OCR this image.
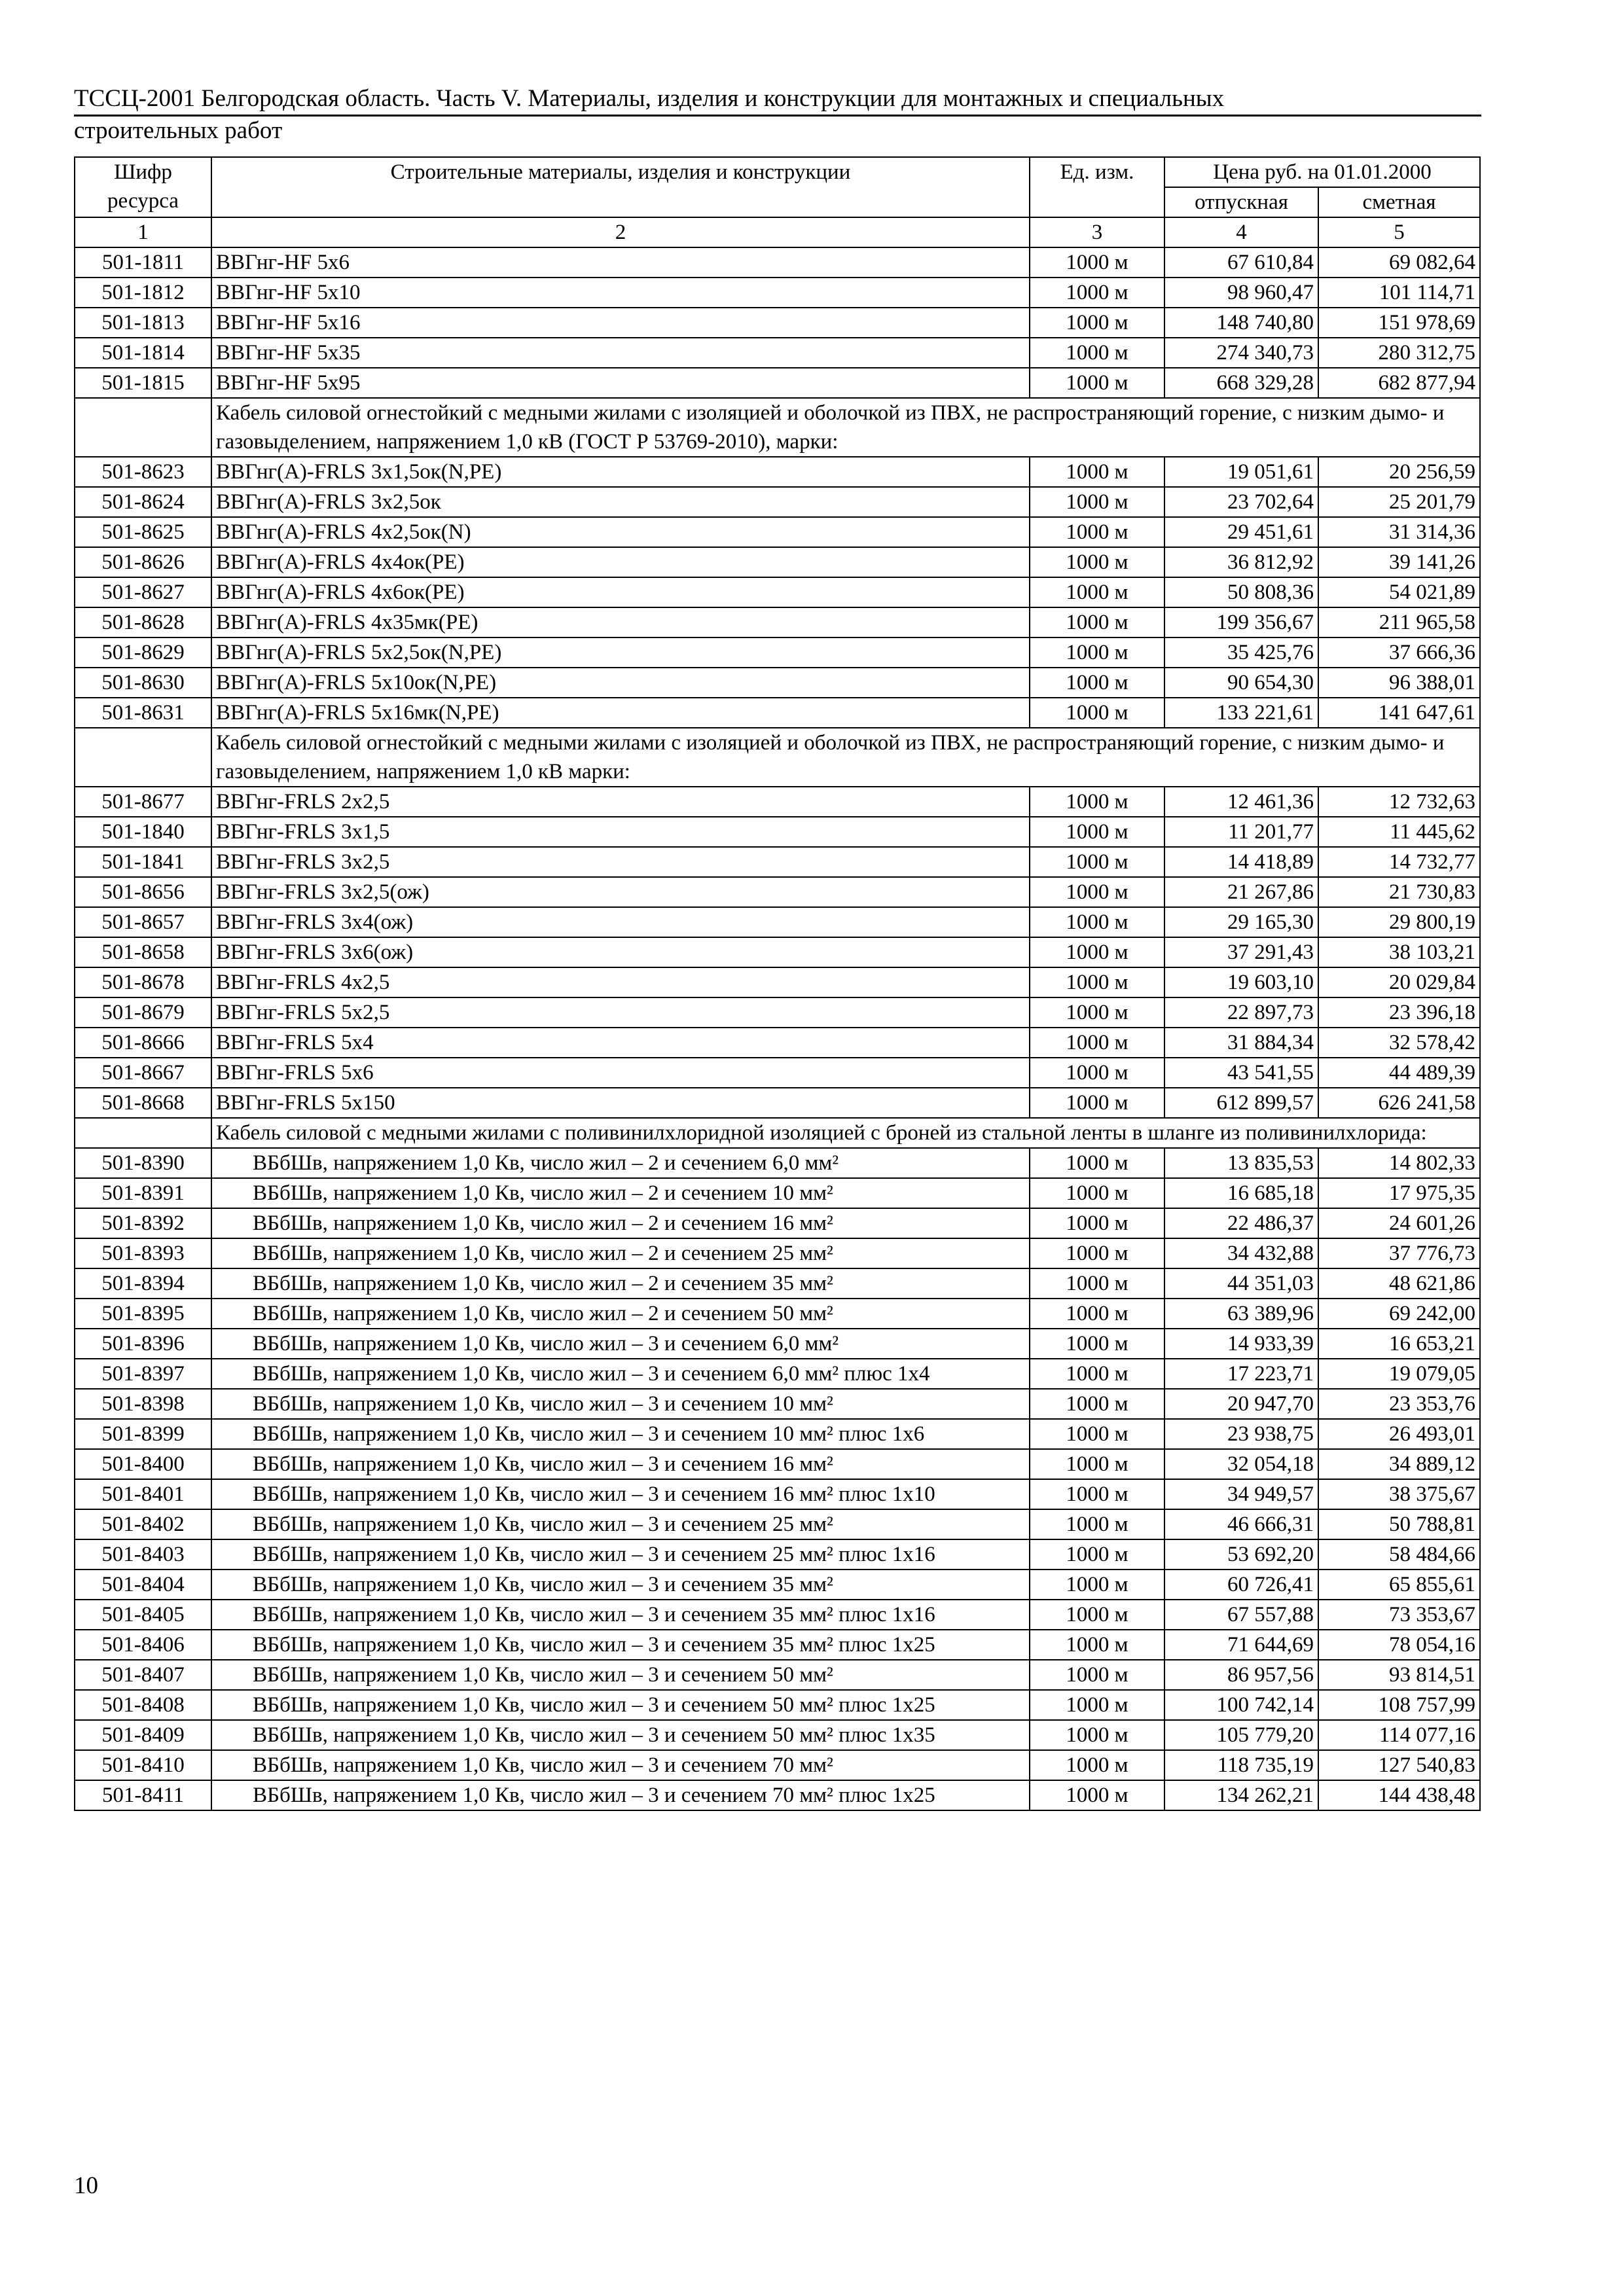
ТССЦ-2001 Белгородская область. Часть V. Материалы, изделия и конструкции для монтажных и специальных
строительных работ
Шифр ресурса	Строительные материалы, изделия и конструкции	Ед. изм.	Цена руб. на 01.01.2000	
			отпускная	сметная
1	2	3	4	5
501-1811	ВВГнг-HF 5х6	1000 м	67 610,84	69 082,64
501-1812	ВВГнг-HF 5х10	1000 м	98 960,47	101 114,71
501-1813	ВВГнг-HF 5х16	1000 м	148 740,80	151 978,69
501-1814	ВВГнг-HF 5х35	1000 м	274 340,73	280 312,75
501-1815	ВВГнг-HF 5х95	1000 м	668 329,28	682 877,94
	Кабель силовой огнестойкий с медными жилами с изоляцией и оболочкой из ПВХ, не распространяющий горение, с низким дымо- и газовыделением, напряжением 1,0 кВ (ГОСТ Р 53769-2010), марки:			
501-8623	ВВГнг(А)-FRLS 3х1,5ок(N,PE)	1000 м	19 051,61	20 256,59
501-8624	ВВГнг(А)-FRLS 3х2,5ок	1000 м	23 702,64	25 201,79
501-8625	ВВГнг(А)-FRLS 4х2,5ок(N)	1000 м	29 451,61	31 314,36
501-8626	ВВГнг(А)-FRLS 4х4ок(PE)	1000 м	36 812,92	39 141,26
501-8627	ВВГнг(А)-FRLS 4х6ок(PE)	1000 м	50 808,36	54 021,89
501-8628	ВВГнг(А)-FRLS 4х35мк(PE)	1000 м	199 356,67	211 965,58
501-8629	ВВГнг(А)-FRLS 5х2,5ок(N,PE)	1000 м	35 425,76	37 666,36
501-8630	ВВГнг(А)-FRLS 5х10ок(N,PE)	1000 м	90 654,30	96 388,01
501-8631	ВВГнг(А)-FRLS 5х16мк(N,PE)	1000 м	133 221,61	141 647,61
	Кабель силовой огнестойкий с медными жилами с изоляцией и оболочкой из ПВХ, не распространяющий горение, с низким дымо- и газовыделением, напряжением 1,0 кВ марки:			
501-8677	ВВГнг-FRLS 2х2,5	1000 м	12 461,36	12 732,63
501-1840	ВВГнг-FRLS 3х1,5	1000 м	11 201,77	11 445,62
501-1841	ВВГнг-FRLS 3х2,5	1000 м	14 418,89	14 732,77
501-8656	ВВГнг-FRLS 3х2,5(ож)	1000 м	21 267,86	21 730,83
501-8657	ВВГнг-FRLS 3х4(ож)	1000 м	29 165,30	29 800,19
501-8658	ВВГнг-FRLS 3х6(ож)	1000 м	37 291,43	38 103,21
501-8678	ВВГнг-FRLS 4х2,5	1000 м	19 603,10	20 029,84
501-8679	ВВГнг-FRLS 5х2,5	1000 м	22 897,73	23 396,18
501-8666	ВВГнг-FRLS 5х4	1000 м	31 884,34	32 578,42
501-8667	ВВГнг-FRLS 5х6	1000 м	43 541,55	44 489,39
501-8668	ВВГнг-FRLS 5х150	1000 м	612 899,57	626 241,58
	Кабель силовой с медными жилами с поливинилхлоридной изоляцией с броней из стальной ленты в шланге из поливинилхлорида:			
501-8390	ВБбШв, напряжением 1,0 Кв, число жил – 2 и сечением 6,0 мм²	1000 м	13 835,53	14 802,33
501-8391	ВБбШв, напряжением 1,0 Кв, число жил – 2 и сечением 10 мм²	1000 м	16 685,18	17 975,35
501-8392	ВБбШв, напряжением 1,0 Кв, число жил – 2 и сечением 16 мм²	1000 м	22 486,37	24 601,26
501-8393	ВБбШв, напряжением 1,0 Кв, число жил – 2 и сечением 25 мм²	1000 м	34 432,88	37 776,73
501-8394	ВБбШв, напряжением 1,0 Кв, число жил – 2 и сечением 35 мм²	1000 м	44 351,03	48 621,86
501-8395	ВБбШв, напряжением 1,0 Кв, число жил – 2 и сечением 50 мм²	1000 м	63 389,96	69 242,00
501-8396	ВБбШв, напряжением 1,0 Кв, число жил – 3 и сечением 6,0 мм²	1000 м	14 933,39	16 653,21
501-8397	ВБбШв, напряжением 1,0 Кв, число жил – 3 и сечением 6,0 мм² плюс 1х4	1000 м	17 223,71	19 079,05
501-8398	ВБбШв, напряжением 1,0 Кв, число жил – 3 и сечением 10 мм²	1000 м	20 947,70	23 353,76
501-8399	ВБбШв, напряжением 1,0 Кв, число жил – 3 и сечением 10 мм² плюс 1х6	1000 м	23 938,75	26 493,01
501-8400	ВБбШв, напряжением 1,0 Кв, число жил – 3 и сечением 16 мм²	1000 м	32 054,18	34 889,12
501-8401	ВБбШв, напряжением 1,0 Кв, число жил – 3 и сечением 16 мм² плюс 1х10	1000 м	34 949,57	38 375,67
501-8402	ВБбШв, напряжением 1,0 Кв, число жил – 3 и сечением 25 мм²	1000 м	46 666,31	50 788,81
501-8403	ВБбШв, напряжением 1,0 Кв, число жил – 3 и сечением 25 мм² плюс 1х16	1000 м	53 692,20	58 484,66
501-8404	ВБбШв, напряжением 1,0 Кв, число жил – 3 и сечением 35 мм²	1000 м	60 726,41	65 855,61
501-8405	ВБбШв, напряжением 1,0 Кв, число жил – 3 и сечением 35 мм² плюс 1х16	1000 м	67 557,88	73 353,67
501-8406	ВБбШв, напряжением 1,0 Кв, число жил – 3 и сечением 35 мм² плюс 1х25	1000 м	71 644,69	78 054,16
501-8407	ВБбШв, напряжением 1,0 Кв, число жил – 3 и сечением 50 мм²	1000 м	86 957,56	93 814,51
501-8408	ВБбШв, напряжением 1,0 Кв, число жил – 3 и сечением 50 мм² плюс 1х25	1000 м	100 742,14	108 757,99
501-8409	ВБбШв, напряжением 1,0 Кв, число жил – 3 и сечением 50 мм² плюс 1х35	1000 м	105 779,20	114 077,16
501-8410	ВБбШв, напряжением 1,0 Кв, число жил – 3 и сечением 70 мм²	1000 м	118 735,19	127 540,83
501-8411	ВБбШв, напряжением 1,0 Кв, число жил – 3 и сечением 70 мм² плюс 1х25	1000 м	134 262,21	144 438,48
10
